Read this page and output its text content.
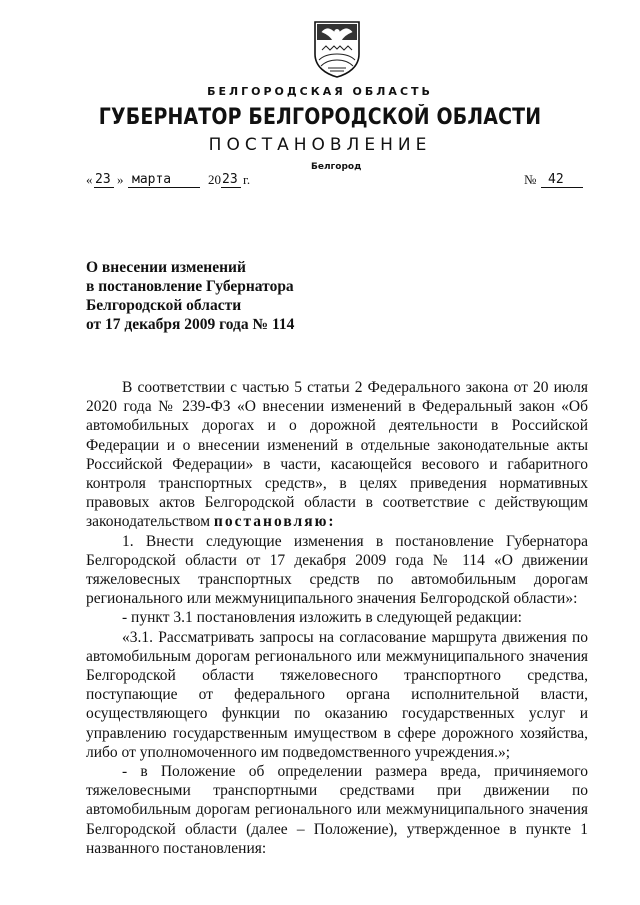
БЕЛГОРОДСКАЯ ОБЛАСТЬ
ГУБЕРНАТОР БЕЛГОРОДСКОЙ ОБЛАСТИ
ПОСТАНОВЛЕНИЕ
Белгород
« 23 » марта	20 23 г.	№ 42
О внесении изменений
в постановление Губернатора
Белгородской области
от 17 декабря 2009 года № 114

В соответствии с частью 5 статьи 2 Федерального закона от 20 июля 2020 года № 239-ФЗ «О внесении изменений в Федеральный закон «Об автомобильных дорогах и о дорожной деятельности в Российской Федерации и о внесении изменений в отдельные законодательные акты Российской Федерации» в части, касающейся весового и габаритного контроля транспортных средств», в целях приведения нормативных правовых актов Белгородской области в соответствие с действующим законодательством постановляю:

1. Внести следующие изменения в постановление Губернатора Белгородской области от 17 декабря 2009 года № 114 «О движении тяжеловесных транспортных средств по автомобильным дорогам регионального или межмуниципального значения Белгородской области»:

- пункт 3.1 постановления изложить в следующей редакции:

«3.1. Рассматривать запросы на согласование маршрута движения по автомобильным дорогам регионального или межмуниципального значения Белгородской области тяжеловесного транспортного средства, поступающие от федерального органа исполнительной власти, осуществляющего функции по оказанию государственных услуг и управлению государственным имуществом в сфере дорожного хозяйства, либо от уполномоченного им подведомственного учреждения.»;

- в Положение об определении размера вреда, причиняемого тяжеловесными транспортными средствами при движении по автомобильным дорогам регионального или межмуниципального значения Белгородской области (далее – Положение), утвержденное в пункте 1 названного постановления:
